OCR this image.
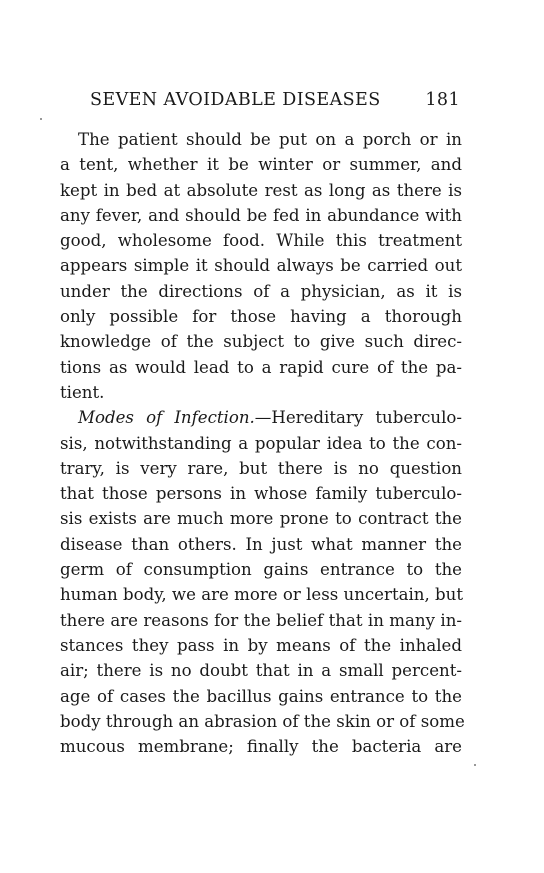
SEVEN AVOIDABLE DISEASES	181
The patient should be put on a porch or in
a tent, whether it be winter or summer, and
kept in bed at absolute rest as long as there is
any fever, and should be fed in abundance with
good, wholesome food. While this treatment
appears simple it should always be carried out
under the directions of a physician, as it is
only possible for those having a thorough
knowledge of the subject to give such direc-
tions as would lead to a rapid cure of the pa-
tient.
Modes of Infection.—Hereditary tuberculo-
sis, notwithstanding a popular idea to the con-
trary, is very rare, but there is no question
that those persons in whose family tuberculo-
sis exists are much more prone to contract the
disease than others. In just what manner the
germ of consumption gains entrance to the
human body, we are more or less uncertain, but
there are reasons for the belief that in many in-
stances they pass in by means of the inhaled
air; there is no doubt that in a small percent-
age of cases the bacillus gains entrance to the
body through an abrasion of the skin or of some
mucous membrane; finally the bacteria are
